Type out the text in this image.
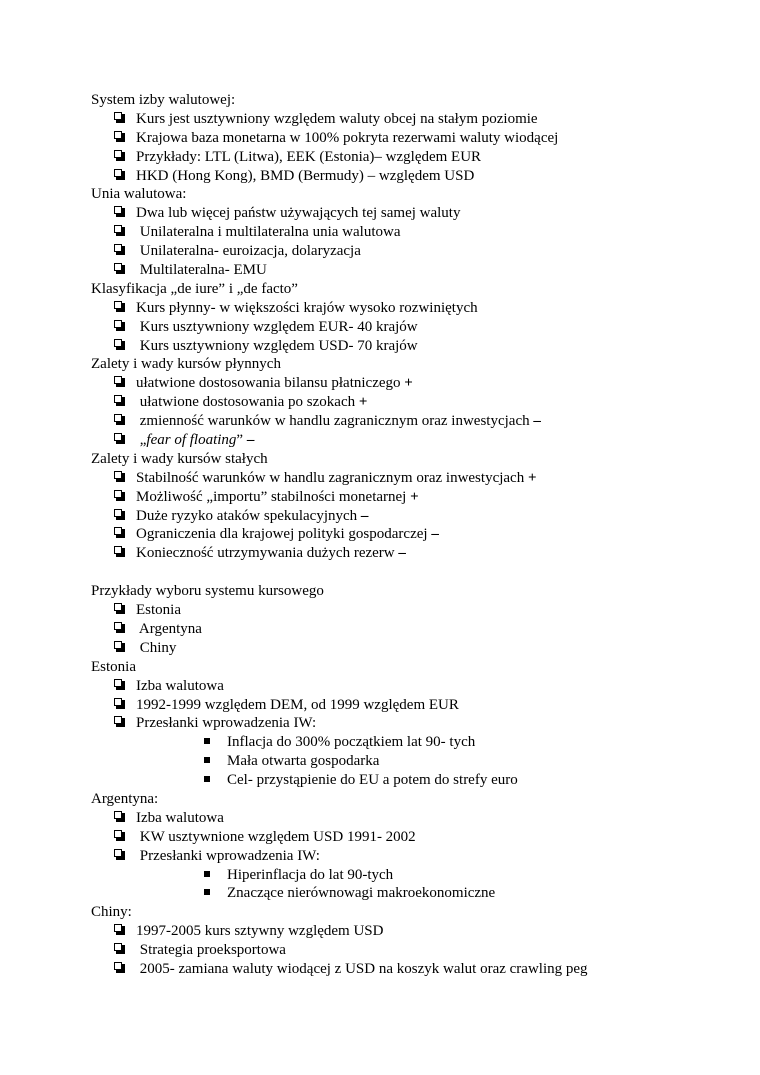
System izby walutowej:
Kurs jest usztywniony względem waluty obcej na stałym poziomie
Krajowa baza monetarna w 100% pokryta rezerwami waluty wiodącej
Przykłady: LTL (Litwa), EEK (Estonia)– względem EUR
HKD (Hong Kong), BMD (Bermudy) – względem USD
Unia walutowa:
Dwa lub więcej państw używających tej samej waluty
Unilateralna i multilateralna unia walutowa
Unilateralna- euroizacja, dolaryzacja
Multilateralna- EMU
Klasyfikacja „de iure” i „de facto”
Kurs płynny- w większości krajów wysoko rozwiniętych
Kurs usztywniony względem EUR- 40 krajów
Kurs usztywniony względem USD- 70 krajów
Zalety i wady kursów płynnych
ułatwione dostosowania bilansu płatniczego +
ułatwione dostosowania po szokach +
zmienność warunków w handlu zagranicznym oraz inwestycjach –
„fear of floating” –
Zalety i wady kursów stałych
Stabilność warunków w handlu zagranicznym oraz inwestycjach +
Możliwość „importu” stabilności monetarnej +
Duże ryzyko ataków spekulacyjnych –
Ograniczenia dla krajowej polityki gospodarczej –
Konieczność utrzymywania dużych rezerw –
Przykłady wyboru systemu kursowego
Estonia
Argentyna
Chiny
Estonia
Izba walutowa
1992-1999 względem DEM, od 1999 względem EUR
Przesłanki wprowadzenia IW:
Inflacja do 300% początkiem lat 90- tych
Mała otwarta gospodarka
Cel- przystąpienie do EU a potem do strefy euro
Argentyna:
Izba walutowa
KW usztywnione względem USD 1991- 2002
Przesłanki wprowadzenia IW:
Hiperinflacja do lat 90-tych
Znaczące nierównowagi makroekonomiczne
Chiny:
1997-2005 kurs sztywny względem USD
Strategia proeksportowa
2005- zamiana waluty wiodącej z USD na koszyk walut oraz crawling peg
